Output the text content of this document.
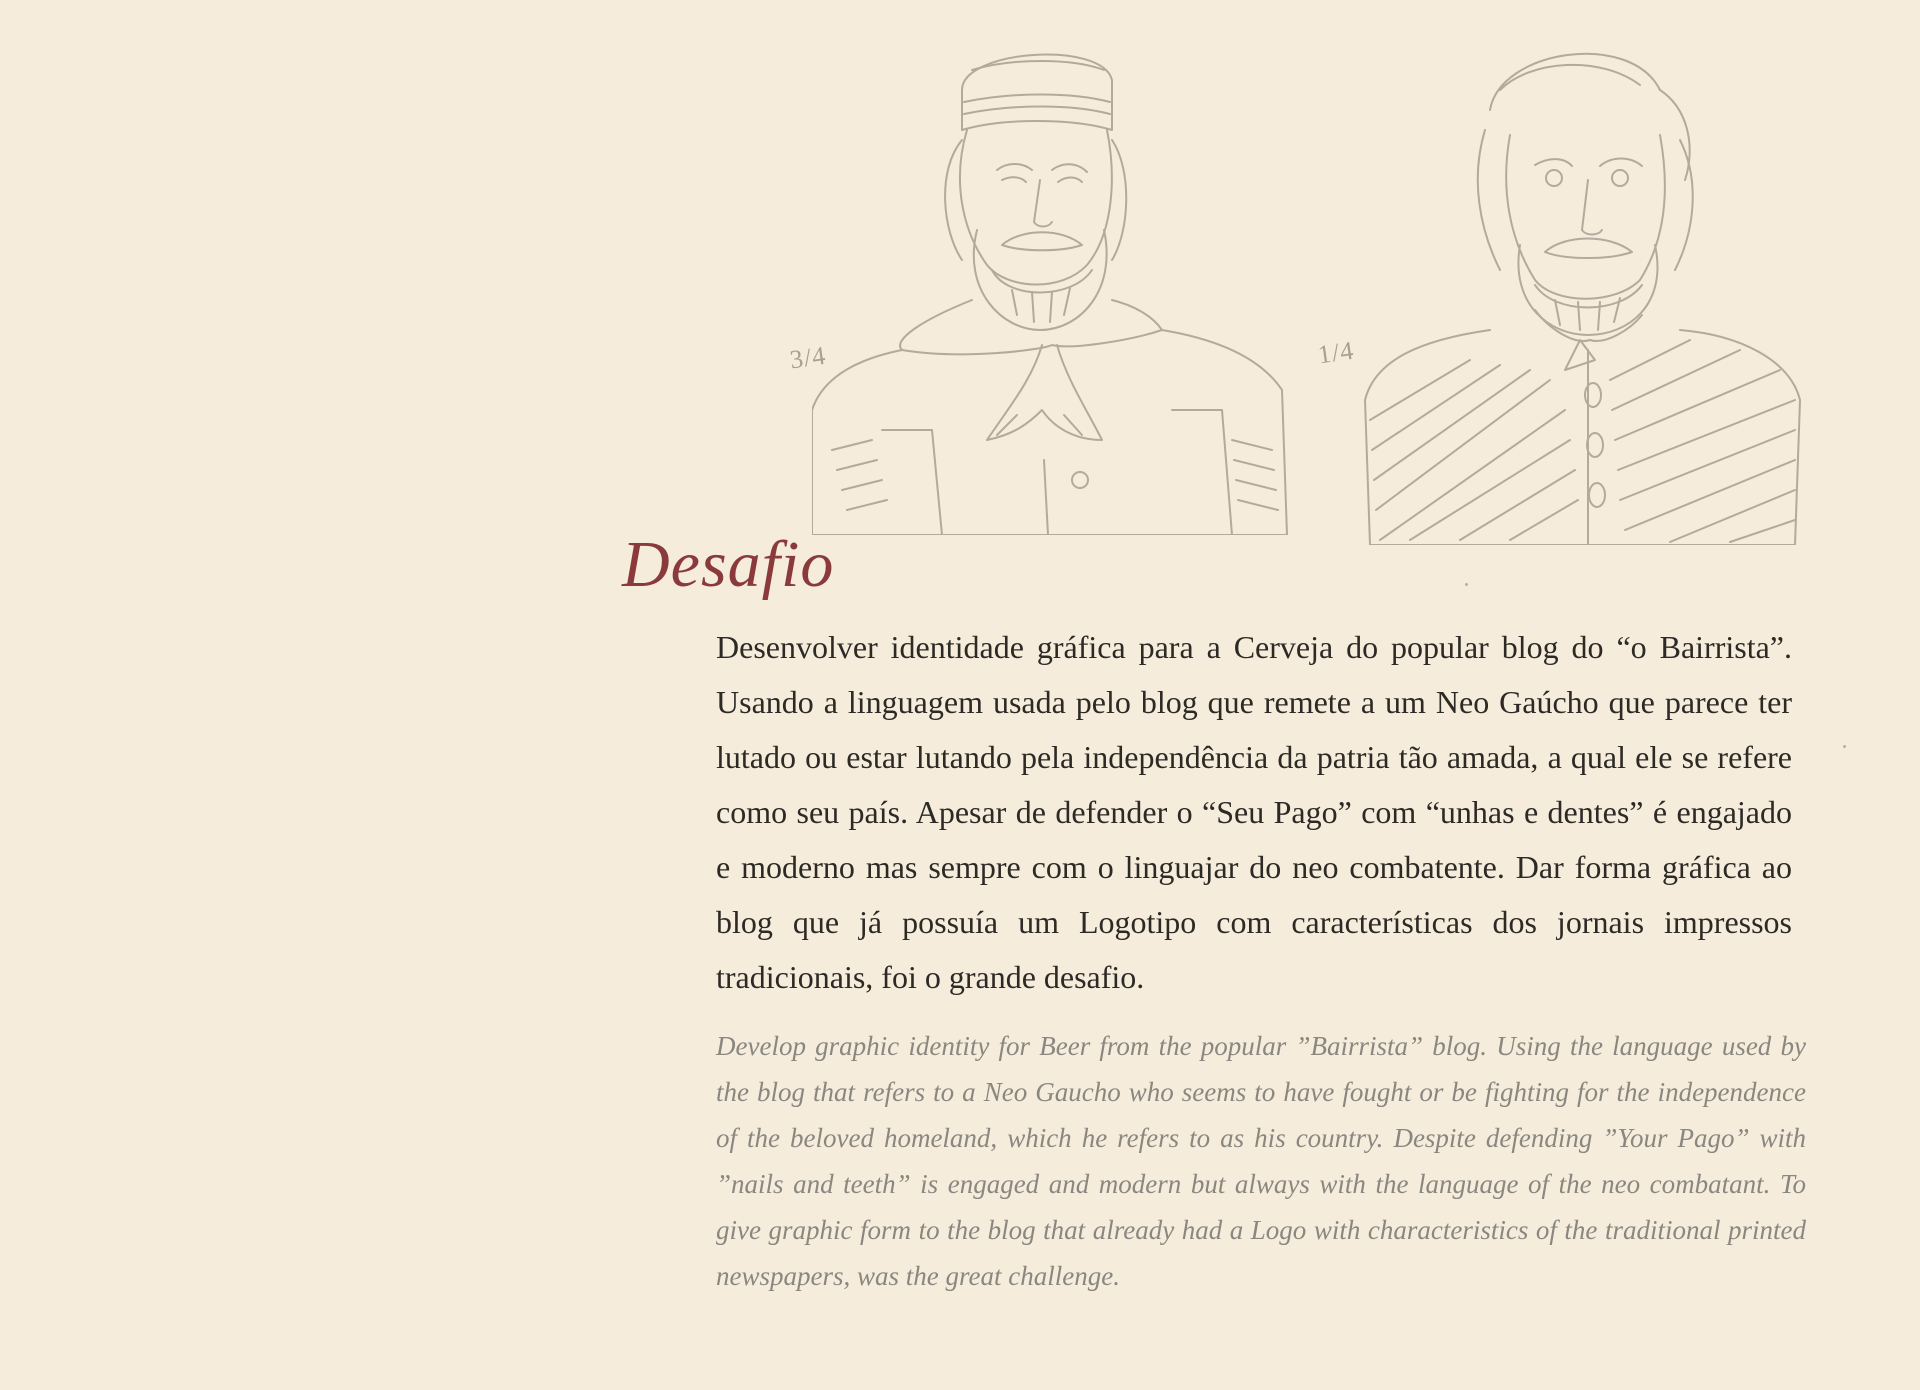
3/4	1/4
Desafio

Desenvolver identidade gráfica para a Cerveja do popular blog do “o Bairrista”. Usando a linguagem usada pelo blog que remete a um Neo Gaúcho que parece ter lutado ou estar lutando pela independência da patria tão amada, a qual ele se refere como seu país. Apesar de defender o “Seu Pago” com “unhas e dentes” é engajado e moderno mas sempre com o linguajar do neo combatente. Dar forma gráfica ao blog que já possuía um Logotipo com características dos jornais impressos tradicionais, foi o grande desafio.

Develop graphic identity for Beer from the popular ”Bairrista” blog. Using the language used by the blog that refers to a Neo Gaucho who seems to have fought or be fighting for the independence of the beloved homeland, which he refers to as his country. Despite defending ”Your Pago” with ”nails and teeth” is engaged and modern but always with the language of the neo combatant. To give graphic form to the blog that already had a Logo with characteristics of the traditional printed newspapers, was the great challenge.
